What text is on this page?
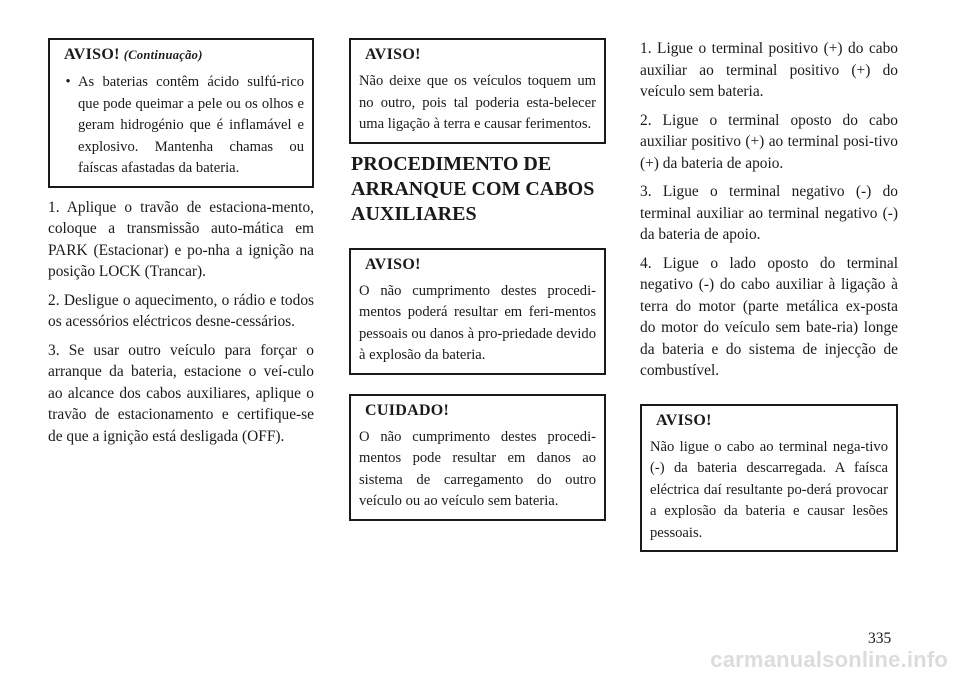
AVISO! (Continuação)
• As baterias contêm ácido sulfú-rico que pode queimar a pele ou os olhos e geram hidrogénio que é inflamável e explosivo. Mantenha chamas ou faíscas afastadas da bateria.

1. Aplique o travão de estaciona-mento, coloque a transmissão auto-mática em PARK (Estacionar) e po-nha a ignição na posição LOCK (Trancar).

2. Desligue o aquecimento, o rádio e todos os acessórios eléctricos desne-cessários.

3. Se usar outro veículo para forçar o arranque da bateria, estacione o veí-culo ao alcance dos cabos auxiliares, aplique o travão de estacionamento e certifique-se de que a ignição está desligada (OFF).

AVISO!

Não deixe que os veículos toquem um no outro, pois tal poderia esta-belecer uma ligação à terra e causar ferimentos.

PROCEDIMENTO DE
ARRANQUE COM CABOS
AUXILIARES
AVISO!

O não cumprimento destes procedi-mentos poderá resultar em feri-mentos pessoais ou danos à pro-priedade devido à explosão da bateria.

CUIDADO!

O não cumprimento destes procedi-mentos pode resultar em danos ao sistema de carregamento do outro veículo ou ao veículo sem bateria.

1. Ligue o terminal positivo (+) do cabo auxiliar ao terminal positivo (+) do veículo sem bateria.

2. Ligue o terminal oposto do cabo auxiliar positivo (+) ao terminal posi-tivo (+) da bateria de apoio.

3. Ligue o terminal negativo (-) do terminal auxiliar ao terminal negativo (-) da bateria de apoio.

4. Ligue o lado oposto do terminal negativo (-) do cabo auxiliar à ligação à terra do motor (parte metálica ex-posta do motor do veículo sem bate-ria) longe da bateria e do sistema de injecção de combustível.

AVISO!

Não ligue o cabo ao terminal nega-tivo (-) da bateria descarregada. A faísca eléctrica daí resultante po-derá provocar a explosão da bateria e causar lesões pessoais.

335
carmanualsonline.info
